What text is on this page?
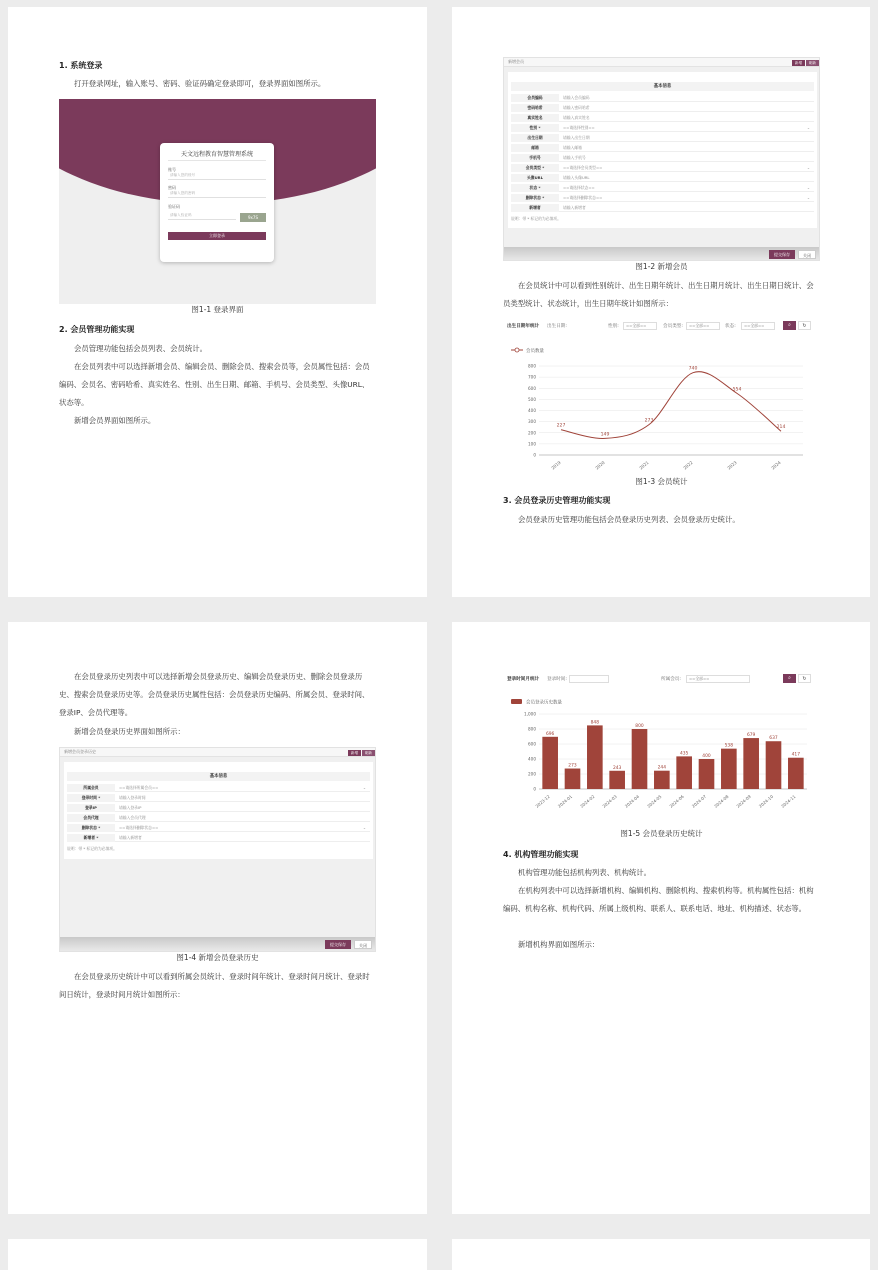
1. 系统登录
打开登录网址，输入账号、密码、验证码确定登录即可，登录界面如图所示。
天文远程教育智慧管理系统
账号
请输入您的账号
密码
请输入您的密码
验证码
请输入验证码	9x7S
立即登录
图1-1 登录界面
2. 会员管理功能实现
会员管理功能包括会员列表、会员统计。
在会员列表中可以选择新增会员、编辑会员、删除会员、搜索会员等，会员属性包括：会员编码、会员名、密码哈希、真实姓名、性别、出生日期、邮箱、手机号、会员类型、头像URL、状态等。
新增会员界面如图所示。
新增会员	新增	刷新
基本信息
会员编码	请输入会员编码
密码哈希	请输入密码哈希
真实姓名	请输入真实姓名
性别 *	==请选择性别==	⌄
出生日期	请输入出生日期
邮箱	请输入邮箱
手机号	请输入手机号
会员类型 *	==请选择会员类型==	⌄
头像URL	请输入头像URL
状态 *	==请选择状态==	⌄
删除状态 *	==请选择删除状态==	⌄
新增者	请输入新增者
说明：带 * 标记的为必填项。
提交保存	关闭
图1-2 新增会员
在会员统计中可以看到性别统计、出生日期年统计、出生日期月统计、出生日期日统计、会员类型统计、状态统计，出生日期年统计如图所示：
出生日期年统计 出生日期:	性别:	==全部==	会员类型:	==全部==	状态:	==全部==	⌕	↻
会员数量
0
100
200
300
400
500
600
700
800
2019	2020	2021	2022	2023	2024
227
149
273
740
554
214
图1-3 会员统计
3. 会员登录历史管理功能实现
会员登录历史管理功能包括会员登录历史列表、会员登录历史统计。
在会员登录历史列表中可以选择新增会员登录历史、编辑会员登录历史、删除会员登录历史、搜索会员登录历史等。会员登录历史属性包括：会员登录历史编码、所属会员、登录时间、登录IP、会员代理等。
新增会员登录历史界面如图所示：
新增会员登录历史	新增	刷新
基本信息
所属会员	==请选择所属会员==	⌄
登录时间 *	请输入登录时间
登录IP	请输入登录IP
会员代理	请输入会员代理
删除状态 *	==请选择删除状态==	⌄
新增者 *	请输入新增者
说明：带 * 标记的为必填项。
提交保存	关闭
图1-4 新增会员登录历史
在会员登录历史统计中可以看到所属会员统计、登录时间年统计、登录时间月统计、登录时间日统计，登录时间月统计如图所示：
登录时间月统计 登录时间:	所属会员:	==全部==	⌕	↻
会员登录历史数量
0
200
400
600
800
1,000
696
2023-12
273
2024-01
848
2024-02
243
2024-03
800
2024-04
244
2024-05
435
2024-06
400
2024-07
538
2024-08
679
2024-09
637
2024-10
417
2024-11
图1-5 会员登录历史统计
4. 机构管理功能实现
机构管理功能包括机构列表、机构统计。
在机构列表中可以选择新增机构、编辑机构、删除机构、搜索机构等。机构属性包括：机构编码、机构名称、机构代码、所属上级机构、联系人、联系电话、地址、机构描述、状态等。
新增机构界面如图所示：
